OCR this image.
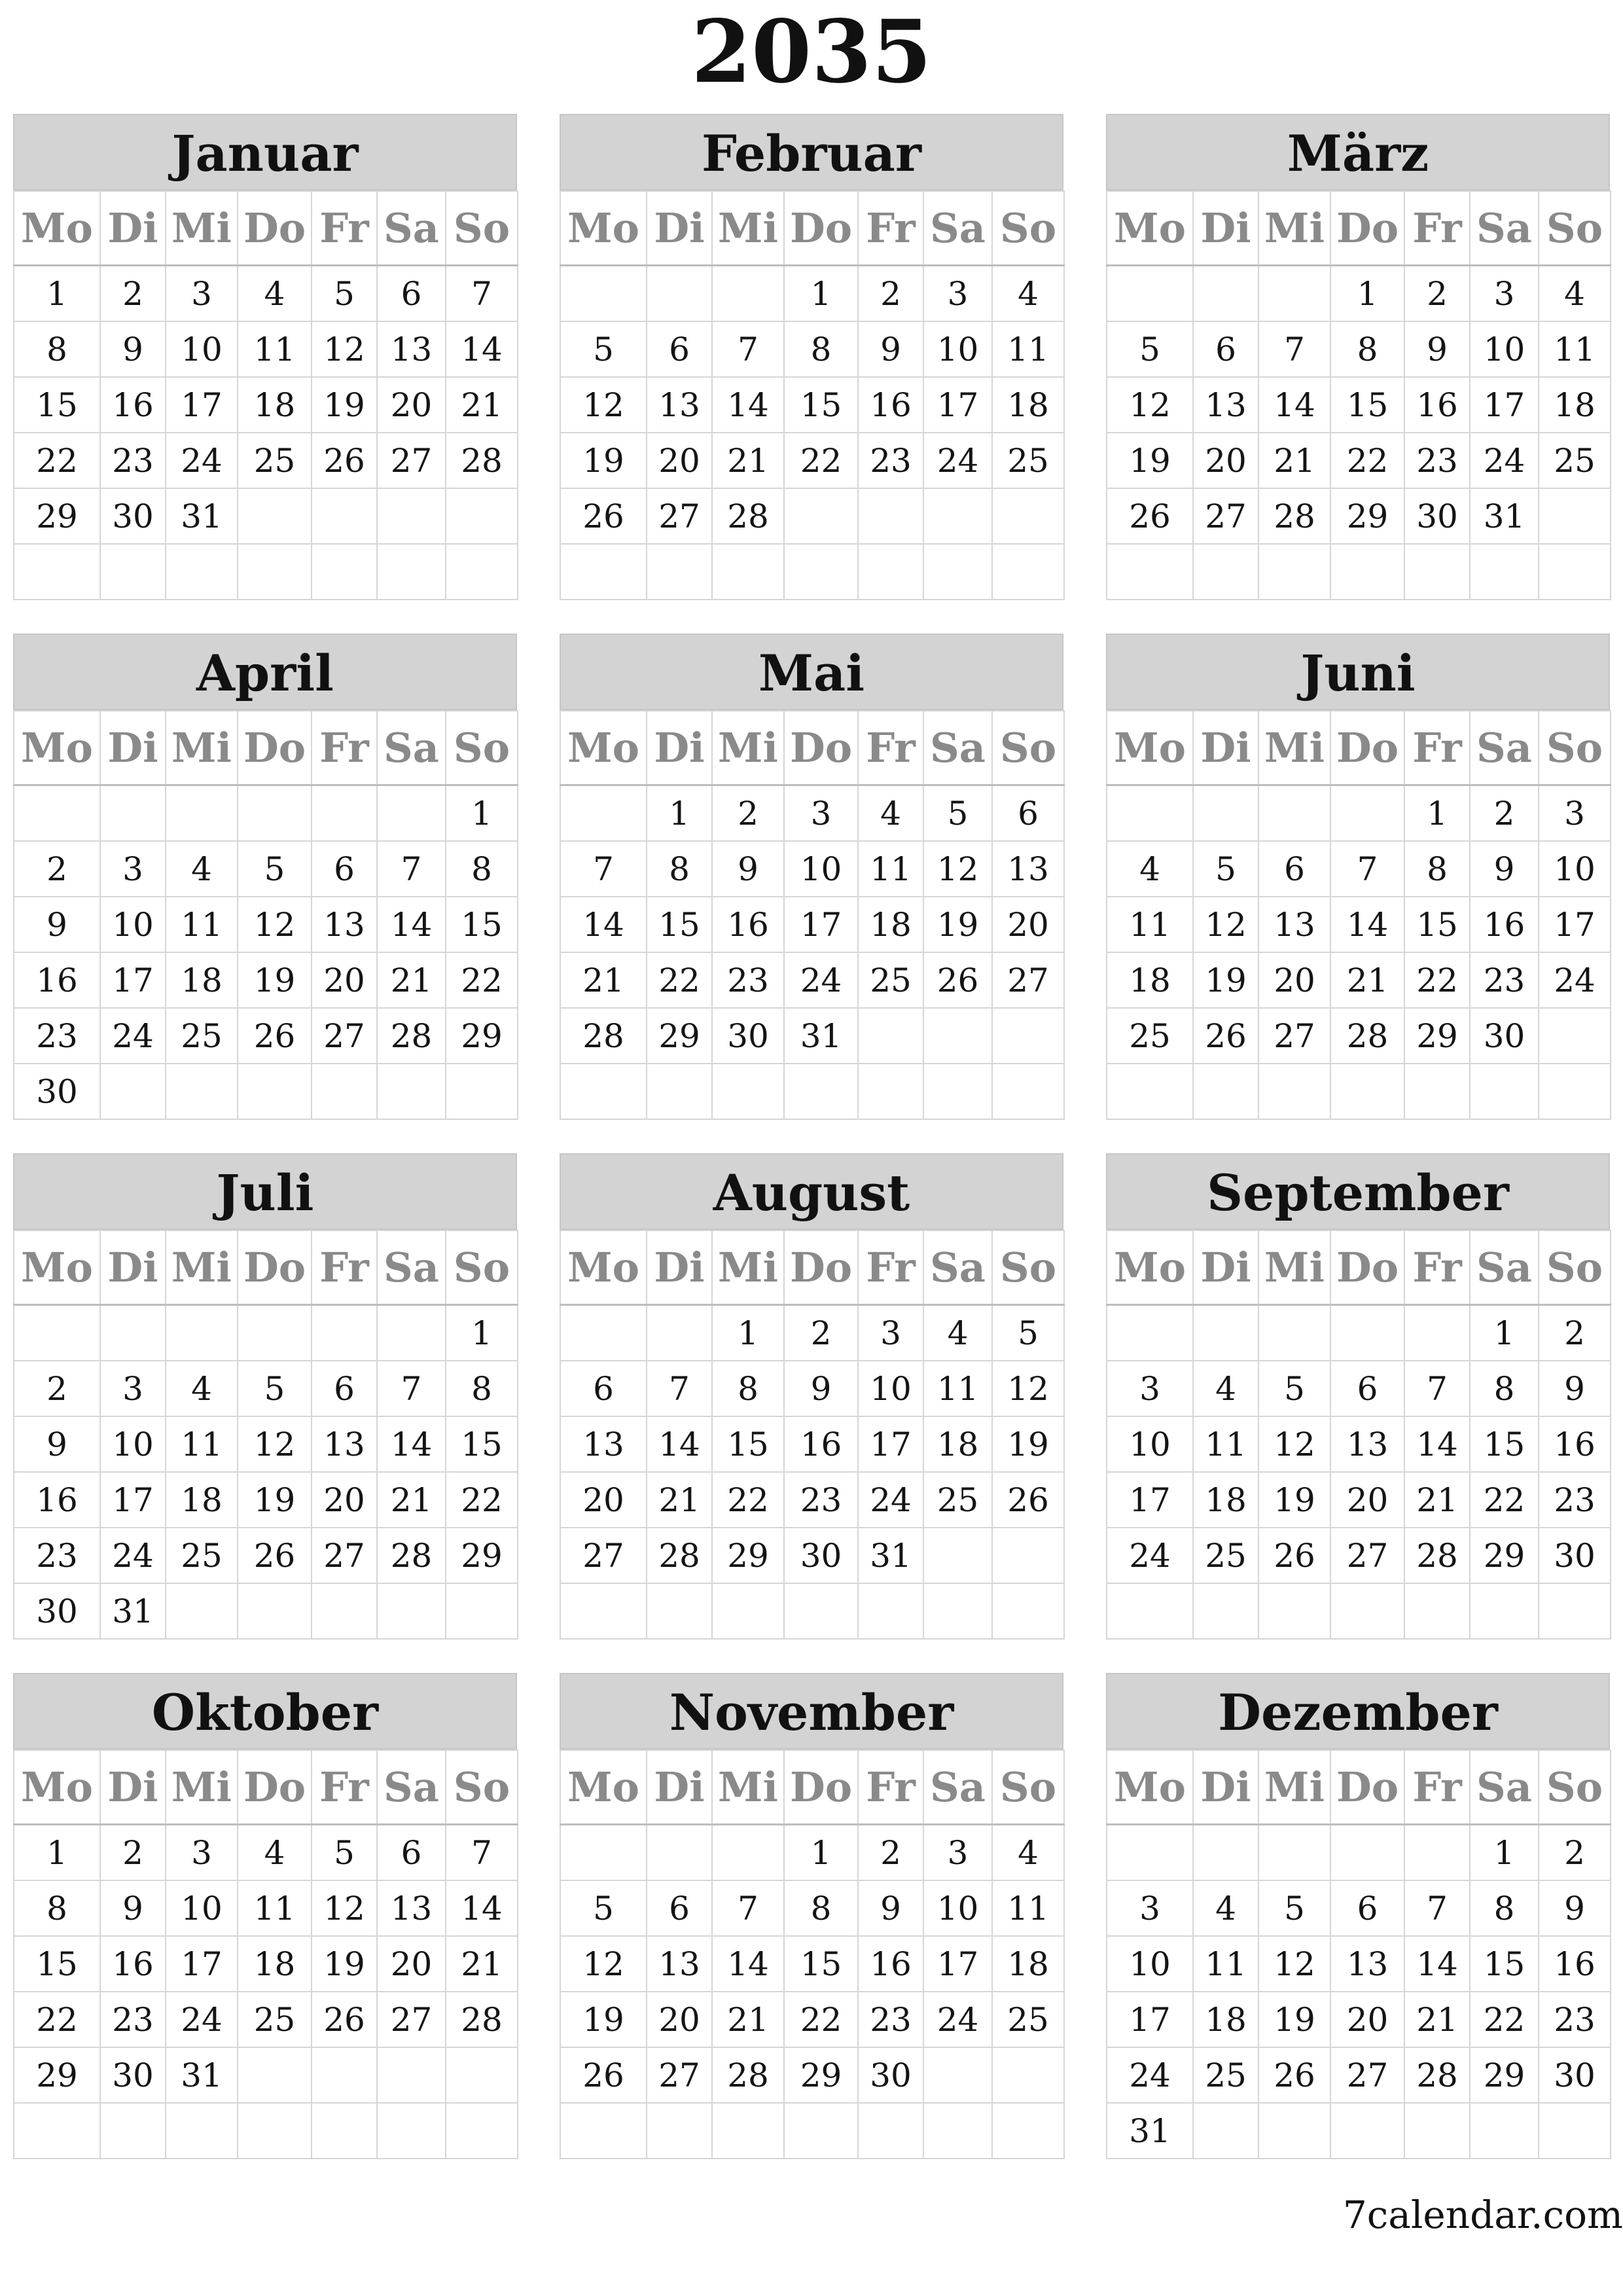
2035
Januar
Mo	Di	Mi	Do	Fr	Sa	So
1	2	3	4	5	6	7
8	9	10	11	12	13	14
15	16	17	18	19	20	21
22	23	24	25	26	27	28
29	30	31				

Februar
Mo	Di	Mi	Do	Fr	Sa	So
			1	2	3	4
5	6	7	8	9	10	11
12	13	14	15	16	17	18
19	20	21	22	23	24	25
26	27	28				

März
Mo	Di	Mi	Do	Fr	Sa	So
			1	2	3	4
5	6	7	8	9	10	11
12	13	14	15	16	17	18
19	20	21	22	23	24	25
26	27	28	29	30	31	

April
Mo	Di	Mi	Do	Fr	Sa	So
						1
2	3	4	5	6	7	8
9	10	11	12	13	14	15
16	17	18	19	20	21	22
23	24	25	26	27	28	29
30						
Mai
Mo	Di	Mi	Do	Fr	Sa	So
	1	2	3	4	5	6
7	8	9	10	11	12	13
14	15	16	17	18	19	20
21	22	23	24	25	26	27
28	29	30	31			

Juni
Mo	Di	Mi	Do	Fr	Sa	So
				1	2	3
4	5	6	7	8	9	10
11	12	13	14	15	16	17
18	19	20	21	22	23	24
25	26	27	28	29	30	

Juli
Mo	Di	Mi	Do	Fr	Sa	So
						1
2	3	4	5	6	7	8
9	10	11	12	13	14	15
16	17	18	19	20	21	22
23	24	25	26	27	28	29
30	31					
August
Mo	Di	Mi	Do	Fr	Sa	So
		1	2	3	4	5
6	7	8	9	10	11	12
13	14	15	16	17	18	19
20	21	22	23	24	25	26
27	28	29	30	31		

September
Mo	Di	Mi	Do	Fr	Sa	So
					1	2
3	4	5	6	7	8	9
10	11	12	13	14	15	16
17	18	19	20	21	22	23
24	25	26	27	28	29	30

Oktober
Mo	Di	Mi	Do	Fr	Sa	So
1	2	3	4	5	6	7
8	9	10	11	12	13	14
15	16	17	18	19	20	21
22	23	24	25	26	27	28
29	30	31				

November
Mo	Di	Mi	Do	Fr	Sa	So
			1	2	3	4
5	6	7	8	9	10	11
12	13	14	15	16	17	18
19	20	21	22	23	24	25
26	27	28	29	30		

Dezember
Mo	Di	Mi	Do	Fr	Sa	So
					1	2
3	4	5	6	7	8	9
10	11	12	13	14	15	16
17	18	19	20	21	22	23
24	25	26	27	28	29	30
31						
7calendar.com
